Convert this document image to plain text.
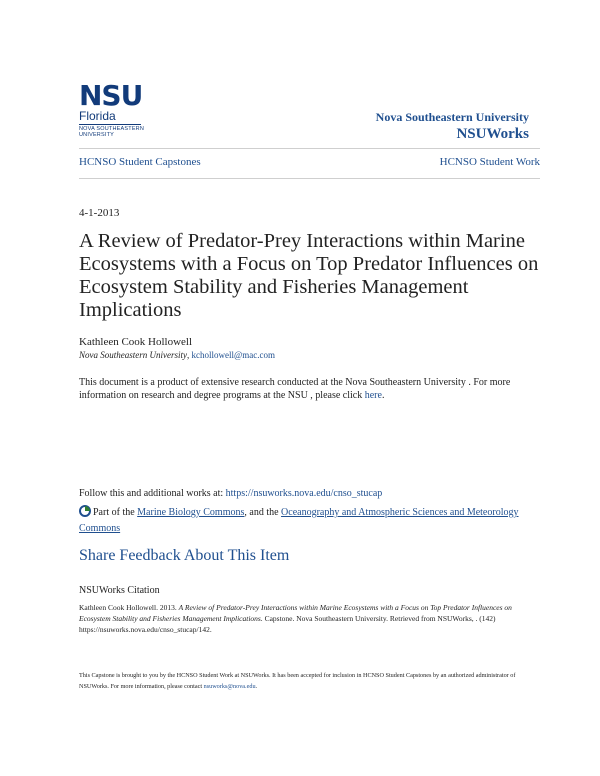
NSU
Florida
NOVA SOUTHEASTERN UNIVERSITY
Nova Southeastern University
NSUWorks
HCNSO Student Capstones	HCNSO Student Work
4-1-2013
A Review of Predator-Prey Interactions within Marine Ecosystems with a Focus on Top Predator Influences on Ecosystem Stability and Fisheries Management Implications
Kathleen Cook Hollowell
Nova Southeastern University, kchollowell@mac.com
This document is a product of extensive research conducted at the Nova Southeastern University . For more information on research and degree programs at the NSU , please click here.
Follow this and additional works at: https://nsuworks.nova.edu/cnso_stucap
Part of the Marine Biology Commons, and the Oceanography and Atmospheric Sciences and Meteorology Commons
Share Feedback About This Item
NSUWorks Citation
Kathleen Cook Hollowell. 2013. A Review of Predator-Prey Interactions within Marine Ecosystems with a Focus on Top Predator Influences on Ecosystem Stability and Fisheries Management Implications. Capstone. Nova Southeastern University. Retrieved from NSUWorks, . (142)
https://nsuworks.nova.edu/cnso_stucap/142.
This Capstone is brought to you by the HCNSO Student Work at NSUWorks. It has been accepted for inclusion in HCNSO Student Capstones by an authorized administrator of NSUWorks. For more information, please contact nsuworks@nova.edu.
